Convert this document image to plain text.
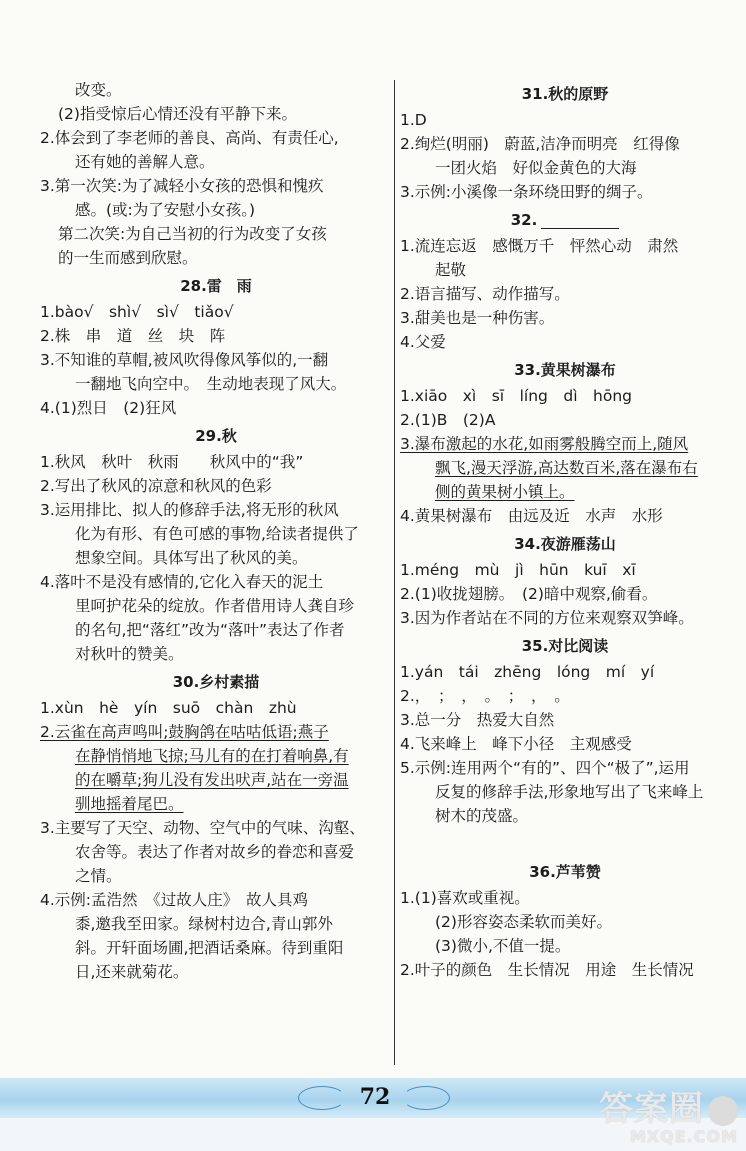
改变。
(2)指受惊后心情还没有平静下来。
2.体会到了李老师的善良、高尚、有责任心,
还有她的善解人意。
3.第一次笑:为了减轻小女孩的恐惧和愧疚
感。(或:为了安慰小女孩。)
第二次笑:为自己当初的行为改变了女孩
的一生而感到欣慰。
28.雷　雨
1.bào√　shì√　sì√　tiǎo√
2.株　串　道　丝　块　阵
3.不知谁的草帽,被风吹得像风筝似的,一翻
一翻地飞向空中。　生动地表现了风大。
4.(1)烈日　(2)狂风
29.秋
1.秋风　秋叶　秋雨　　秋风中的“我”
2.写出了秋风的凉意和秋风的色彩
3.运用排比、拟人的修辞手法,将无形的秋风
化为有形、有色可感的事物,给读者提供了
想象空间。具体写出了秋风的美。
4.落叶不是没有感情的,它化入春天的泥土
里呵护花朵的绽放。作者借用诗人龚自珍
的名句,把“落红”改为“落叶”表达了作者
对秋叶的赞美。
30.乡村素描
1.xùn　hè　yín　suō　chàn　zhù
2.云雀在高声鸣叫;鼓胸鸽在咕咕低语;燕子
在静悄悄地飞掠;马儿有的在打着响鼻,有
的在嚼草;狗儿没有发出吠声,站在一旁温
驯地摇着尾巴。
3.主要写了天空、动物、空气中的气味、沟壑、
农舍等。表达了作者对故乡的眷恋和喜爱
之情。
4.示例:孟浩然　《过故人庄》　故人具鸡
黍,邀我至田家。绿树村边合,青山郭外
斜。开轩面场圃,把酒话桑麻。待到重阳
日,还来就菊花。
31.秋的原野
1.D
2.绚烂(明丽)　蔚蓝,洁净而明亮　红得像
一团火焰　好似金黄色的大海
3.示例:小溪像一条环绕田野的绸子。
32.
1.流连忘返　感慨万千　怦然心动　肃然
起敬
2.语言描写、动作描写。
3.甜美也是一种伤害。
4.父爱
33.黄果树瀑布
1.xiāo　xì　sī　líng　dì　hōng
2.(1)B　(2)A
3.瀑布激起的水花,如雨雾般腾空而上,随风
飘飞,漫天浮游,高达数百米,落在瀑布右
侧的黄果树小镇上。
4.黄果树瀑布　由远及近　水声　水形
34.夜游雁荡山
1.méng　mù　jì　hūn　kuī　xī
2.(1)收拢翅膀。　(2)暗中观察,偷看。
3.因为作者站在不同的方位来观察双笋峰。
35.对比阅读
1.yán　tái　zhēng　lóng　mí　yí
2.，　；　，　。　；　，　。
3.总一分　热爱大自然
4.飞来峰上　峰下小径　主观感受
5.示例:连用两个“有的”、四个“极了”,运用
反复的修辞手法,形象地写出了飞来峰上
树木的茂盛。
36.芦苇赞
1.(1)喜欢或重视。
(2)形容姿态柔软而美好。
(3)微小,不值一提。
2.叶子的颜色　生长情况　用途　生长情况
72	答案圈
MXQE.COM
